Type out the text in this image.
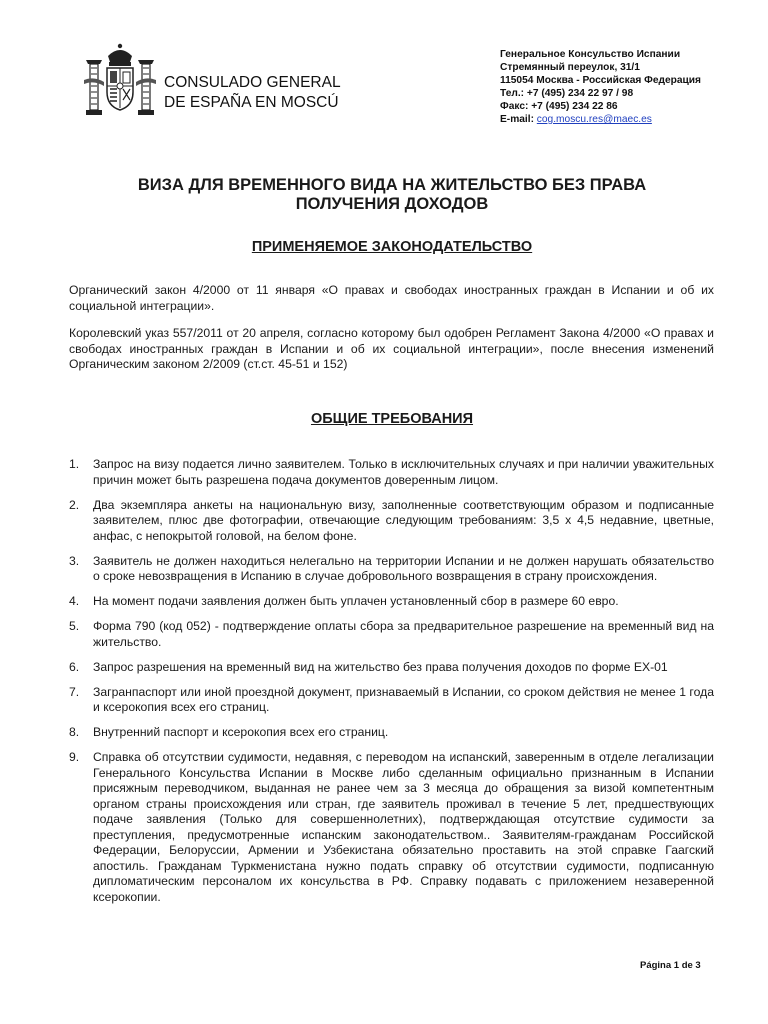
CONSULADO GENERAL
DE ESPAÑA EN MOSCÚ
Генеральное Консульство Испании
Стремянный переулок, 31/1
115054 Москва - Российская Федерация
Тел.: +7 (495) 234 22 97 / 98
Факс: +7 (495) 234 22 86
E-mail: cog.moscu.res@maec.es
ВИЗА ДЛЯ ВРЕМЕННОГО ВИДА НА ЖИТЕЛЬСТВО БЕЗ ПРАВА
ПОЛУЧЕНИЯ ДОХОДОВ
ПРИМЕНЯЕМОЕ ЗАКОНОДАТЕЛЬСТВО

Органический закон 4/2000 от 11 января «О правах и свободах иностранных граждан в Испании и об их социальной интеграции».

Королевский указ 557/2011 от 20 апреля, согласно которому был одобрен Регламент Закона 4/2000 «О правах и свободах иностранных граждан в Испании и об их социальной интеграции», после внесения изменений Органическим законом 2/2009 (ст.ст. 45-51 и 152)

ОБЩИЕ ТРЕБОВАНИЯ
1. Запрос на визу подается лично заявителем. Только в исключительных случаях и при наличии уважительных причин может быть разрешена подача документов доверенным лицом.
2. Два экземпляра анкеты на национальную визу, заполненные соответствующим образом и подписанные заявителем, плюс две фотографии, отвечающие следующим требованиям: 3,5 х 4,5 недавние, цветные, анфас, с непокрытой головой, на белом фоне.
3. Заявитель не должен находиться нелегально на территории Испании и не должен нарушать обязательство о сроке невозвращения в Испанию в случае добровольного возвращения в страну происхождения.
4. На момент подачи заявления должен быть уплачен установленный сбор в размере 60 евро.
5. Форма 790 (код 052) - подтверждение оплаты сбора за предварительное разрешение на временный вид на жительство.
6. Запрос разрешения на временный вид на жительство без права получения доходов по форме EX-01
7. Загранпаспорт или иной проездной документ, признаваемый в Испании, со сроком действия не менее 1 года и ксерокопия всех его страниц.
8. Внутренний паспорт и ксерокопия всех его страниц.
9. Справка об отсутствии судимости, недавняя, с переводом на испанский, заверенным в отделе легализации Генерального Консульства Испании в Москве либо сделанным официально признанным в Испании присяжным переводчиком, выданная не ранее чем за 3 месяца до обращения за визой компетентным органом страны происхождения или стран, где заявитель проживал в течение 5 лет, предшествующих подаче заявления (Только для совершеннолетних), подтверждающая отсутствие судимости за преступления, предусмотренные испанским законодательством.. Заявителям-гражданам Российской Федерации, Белоруссии, Армении и Узбекистана обязательно проставить на этой справке Гаагский апостиль. Гражданам Туркменистана нужно подать справку об отсутствии судимости, подписанную дипломатическим персоналом их консульства в РФ. Справку подавать с приложением незаверенной ксерокопии.
Página 1 de 3
